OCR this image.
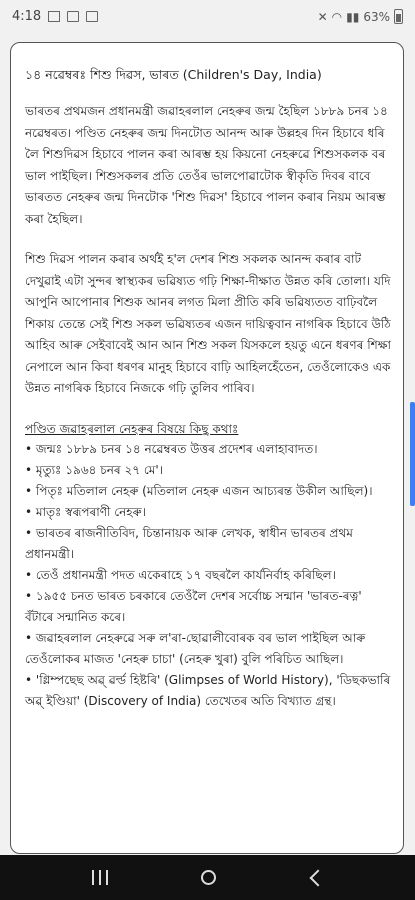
4:18	✕ ◠ ▮▮ 63%

১৪ নৱেম্বৰঃ শিশু দিৱস, ভাৰত (Children's Day, India)

ভাৰতৰ প্ৰথমজন প্ৰধানমন্ত্ৰী জৱাহৰলাল নেহৰুৰ জন্ম হৈছিল ১৮৮৯ চনৰ ১৪ নৱেম্বৰত। পণ্ডিত নেহৰুৰ জন্ম দিনটোত আনন্দ আৰু উল্লহৰ দিন হিচাবে ধৰি লৈ শিশুদিৱস হিচাবে পালন কৰা আৰম্ভ হয় কিয়নো নেহৰুৱে শিশুসকলক বৰ ভাল পাইছিল। শিশুসকলৰ প্ৰতি তেওঁৰ ভালপোৱাটোক স্বীকৃতি দিবৰ বাবে ভাৰতত নেহৰুৰ জন্ম দিনটোক 'শিশু দিৱস' হিচাবে পালন কৰাৰ নিয়ম আৰম্ভ কৰা হৈছিল।

শিশু দিৱস পালন কৰাৰ অৰ্থই হ'ল দেশৰ শিশু সকলক আনন্দ কৰাৰ বাট দেখুৱাই এটা সুন্দৰ স্বাস্থ্যকৰ ভৱিষ্যত গঢ়ি শিক্ষা-দীক্ষাত উন্নত কৰি তোলা। যদি আপুনি আপোনাৰ শিশুক আনৰ লগত মিলা প্ৰীতি কৰি ভৱিষ্যতত বাঢ়িবলৈ শিকায় তেন্তে সেই শিশু সকল ভৱিষ্যতৰ এজন দায়িত্ববান নাগৰিক হিচাবে উঠি আহিব আৰু সেইবাবেই আন আন শিশু সকল যিসকলে হয়তু এনে ধৰণৰ শিক্ষা নেপালে আন কিবা ধৰণৰ মানুহ হিচাবে বাঢ়ি আহিলহেঁতেন, তেওঁলোকেও এক উন্নত নাগৰিক হিচাবে নিজকে গঢ়ি তুলিব পাৰিব।

পণ্ডিত জৱাহৰলাল নেহৰুৰ বিষয়ে কিছু কথাঃ

• জন্মঃ ১৮৮৯ চনৰ ১৪ নৱেম্বৰত উত্তৰ প্ৰদেশৰ এলাহাবাদত।

• মৃত্যুঃ ১৯৬৪ চনৰ ২৭ মে'।

• পিতৃঃ মতিলাল নেহৰু (মতিলাল নেহৰু এজন আচ্যৰন্ত উকীল আছিল)।

• মাতৃঃ স্বৰূপৰাণী নেহৰু।

• ভাৰতৰ ৰাজনীতিবিদ, চিন্তানায়ক আৰু লেখক, স্বাধীন ভাৰতৰ প্ৰথম প্ৰধানমন্ত্ৰী।

• তেওঁ প্ৰধানমন্ত্ৰী পদত একেৰাহে ১৭ বছৰলৈ কাৰ্যনিৰ্বাহ কৰিছিল।

• ১৯৫৫ চনত ভাৰত চৰকাৰে তেওঁলৈ দেশৰ সৰ্বোচ্চ সন্মান 'ভাৰত-ৰত্ন' বঁটাৰে সন্মানিত কৰে।

• জৱাহৰলাল নেহৰুৱে সৰু ল'ৰা-ছোৱালীবোৰক বৰ ভাল পাইছিল আৰু তেওঁলোকৰ মাজত 'নেহৰু চাচা' (নেহৰু খুৰা) বুলি পৰিচিত আছিল।

• 'গ্লিম্পছেছ অৱ্ ৱৰ্ল্ড হিষ্টৰি' (Glimpses of World History), 'ডিছকভাৰি অৱ্ ইণ্ডিয়া' (Discovery of India) তেখেতৰ অতি বিখ্যাত গ্ৰন্থ।
